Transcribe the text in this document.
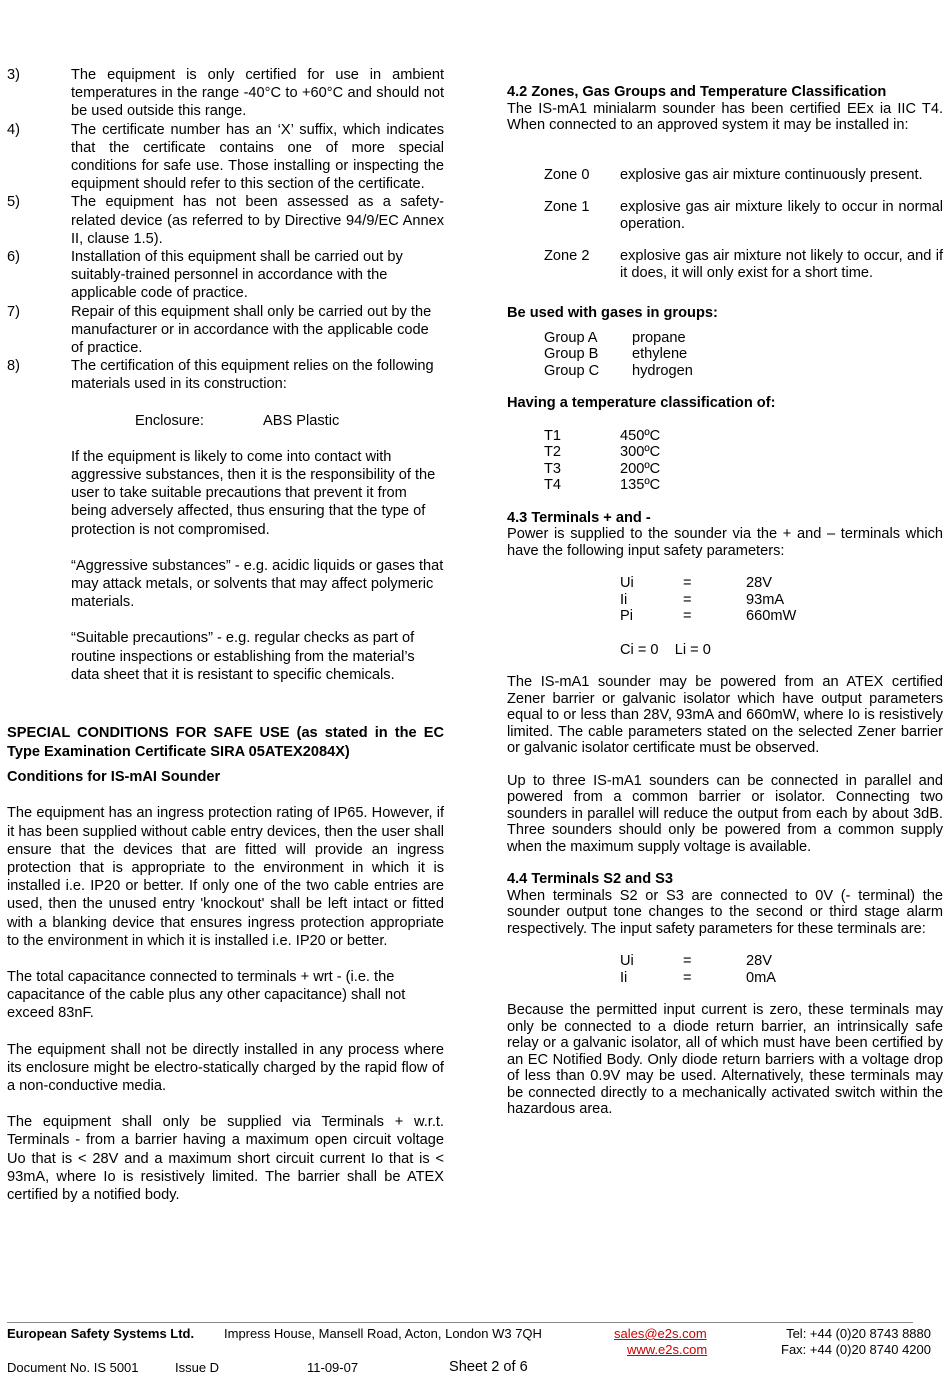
3)	The equipment is only certified for use in ambient temperatures in the range -40°C to +60°C and should not be used outside this range.

4)	The certificate number has an ‘X’ suffix, which indicates that the certificate contains one of more special conditions for safe use. Those installing or inspecting the equipment should refer to this section of the certificate.

5)	The equipment has not been assessed as a safety-related device (as referred to by Directive 94/9/EC Annex II, clause 1.5).

6)	Installation of this equipment shall be carried out by suitably-trained personnel in accordance with the applicable code of practice.

7)	Repair of this equipment shall only be carried out by the manufacturer or in accordance with the applicable code of practice.

8)	The certification of this equipment relies on the following materials used in its construction:

Enclosure:	ABS Plastic

If the equipment is likely to come into contact with aggressive substances, then it is the responsibility of the user to take suitable precautions that prevent it from being adversely affected, thus ensuring that the type of protection is not compromised.

“Aggressive substances” - e.g. acidic liquids or gases that may attack metals, or solvents that may affect polymeric materials.

“Suitable precautions” - e.g. regular checks as part of routine inspections or establishing from the material’s data sheet that it is resistant to specific chemicals.

SPECIAL CONDITIONS FOR SAFE USE (as stated in the EC Type Examination Certificate SIRA 05ATEX2084X)

Conditions for IS-mAI Sounder

The equipment has an ingress protection rating of IP65. However, if it has been supplied without cable entry devices, then the user shall ensure that the devices that are fitted will provide an ingress protection that is appropriate to the environment in which it is installed i.e. IP20 or better. If only one of the two cable entries are used, then the unused entry 'knockout' shall be left intact or fitted with a blanking device that ensures ingress protection appropriate to the environment in which it is installed i.e. IP20 or better.

The total capacitance connected to terminals + wrt - (i.e. the capacitance of the cable plus any other capacitance) shall not exceed 83nF.

The equipment shall not be directly installed in any process where its enclosure might be electro-statically charged by the rapid flow of a non-conductive media.

The equipment shall only be supplied via Terminals + w.r.t. Terminals - from a barrier having a maximum open circuit voltage Uo that is < 28V and a maximum short circuit current Io that is < 93mA, where Io is resistively limited. The barrier shall be ATEX certified by a notified body.

4.2 Zones, Gas Groups and Temperature Classification

The IS-mA1 minialarm sounder has been certified EEx ia IIC T4. When connected to an approved system it may be installed in:

Zone 0	explosive gas air mixture continuously present.
Zone 1	explosive gas air mixture likely to occur in normal operation.
Zone 2	explosive gas air mixture not likely to occur, and if it does, it will only exist for a short time.

Be used with gases in groups:

Group A	propane
Group B	ethylene
Group C	hydrogen

Having a temperature classification of:

T1	450ºC
T2	300ºC
T3	200ºC
T4	135ºC

4.3 Terminals + and -

Power is supplied to the sounder via the + and – terminals which have the following input safety parameters:

Ui	=	28V
Ii	=	93mA
Pi	=	660mW

Ci = 0    Li = 0

The IS-mA1 sounder may be powered from an ATEX certified Zener barrier or galvanic isolator which have output parameters equal to or less than 28V, 93mA and 660mW, where Io is resistively limited. The cable parameters stated on the selected Zener barrier or galvanic isolator certificate must be observed.

Up to three IS-mA1 sounders can be connected in parallel and powered from a common barrier or isolator. Connecting two sounders in parallel will reduce the output from each by about 3dB. Three sounders should only be powered from a common supply when the maximum supply voltage is available.

4.4 Terminals S2 and S3

When terminals S2 or S3 are connected to 0V (- terminal) the sounder output tone changes to the second or third stage alarm respectively. The input safety parameters for these terminals are:

Ui	=	28V
Ii	=	0mA

Because the permitted input current is zero, these terminals may only be connected to a diode return barrier, an intrinsically safe relay or a galvanic isolator, all of which must have been certified by an EC Notified Body. Only diode return barriers with a voltage drop of less than 0.9V may be used. Alternatively, these terminals may be connected directly to a mechanically activated switch within the hazardous area.

European Safety Systems Ltd. Impress House, Mansell Road, Acton, London W3 7QH	sales@e2s.com
www.e2s.com
Tel: +44 (0)20 8743 8880
Fax: +44 (0)20 8740 4200
Document No. IS 5001	Issue D	11-09-07	Sheet 2 of 6
